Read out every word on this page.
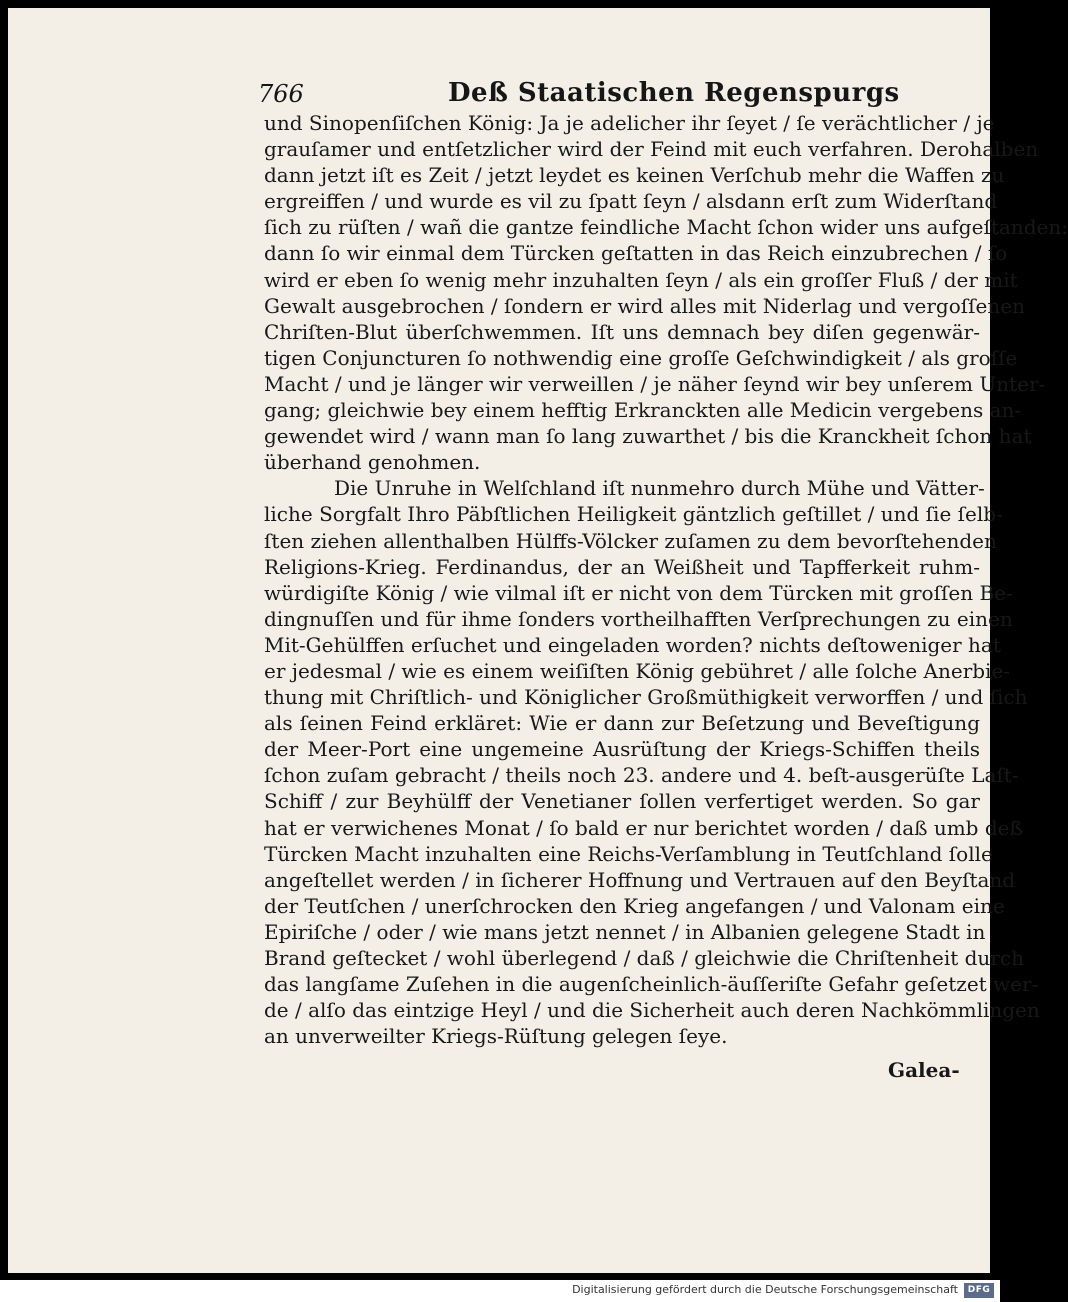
766	Deß Staatischen Regenspurgs
und Sinopenſiſchen König: Ja je adelicher ihr ſeyet / ſe verächtlicher / je
grauſamer und entſetzlicher wird der Feind mit euch verfahren. Derohalben
dann jetzt iſt es Zeit / jetzt leydet es keinen Verſchub mehr die Waffen zu
ergreiffen / und wurde es vil zu ſpatt ſeyn / alsdann erſt zum Widerſtand
ſich zu rüſten / wañ die gantze feindliche Macht ſchon wider uns aufgeſtanden:
dann ſo wir einmal dem Türcken geſtatten in das Reich einzubrechen / ſo
wird er eben ſo wenig mehr inzuhalten ſeyn / als ein groſſer Fluß / der mit
Gewalt ausgebrochen / ſondern er wird alles mit Niderlag und vergoſſenen
Chriſten-Blut überſchwemmen. Iſt uns demnach bey diſen gegenwär-
tigen Conjuncturen ſo nothwendig eine groſſe Geſchwindigkeit / als groſſe
Macht / und je länger wir verweillen / je näher ſeynd wir bey unſerem Unter-
gang; gleichwie bey einem hefftig Erkranckten alle Medicin vergebens an-
gewendet wird / wann man ſo lang zuwarthet / bis die Kranckheit ſchon hat
überhand genohmen.
Die Unruhe in Welſchland iſt nunmehro durch Mühe und Vätter-
liche Sorgfalt Ihro Päbſtlichen Heiligkeit gäntzlich geſtillet / und ſie ſelb-
ſten ziehen allenthalben Hülffs-Völcker zuſamen zu dem bevorſtehenden
Religions-Krieg. Ferdinandus, der an Weißheit und Tapfferkeit ruhm-
würdigiſte König / wie vilmal iſt er nicht von dem Türcken mit groſſen Be-
dingnuſſen und für ihme ſonders vortheilhafften Verſprechungen zu einen
Mit-Gehülffen erſuchet und eingeladen worden? nichts deſtoweniger hat
er jedesmal / wie es einem weiſiſten König gebühret / alle ſolche Anerbie-
thung mit Chriſtlich- und Königlicher Großmüthigkeit verworffen / und ſich
als ſeinen Feind erkläret: Wie er dann zur Beſetzung und Beveſtigung
der Meer-Port eine ungemeine Ausrüſtung der Kriegs-Schiffen theils
ſchon zuſam gebracht / theils noch 23. andere und 4. beſt-ausgerüſte Laſt-
Schiff / zur Beyhülff der Venetianer ſollen verfertiget werden. So gar
hat er verwichenes Monat / ſo bald er nur berichtet worden / daß umb deß
Türcken Macht inzuhalten eine Reichs-Verſamblung in Teutſchland ſolle
angeſtellet werden / in ſicherer Hoffnung und Vertrauen auf den Beyſtand
der Teutſchen / unerſchrocken den Krieg angefangen / und Valonam eine
Epiriſche / oder / wie mans jetzt nennet / in Albanien gelegene Stadt in
Brand geſtecket / wohl überlegend / daß / gleichwie die Chriſtenheit durch
das langſame Zuſehen in die augenſcheinlich-äuſſeriſte Gefahr geſetzet wer-
de / alſo das eintzige Heyl / und die Sicherheit auch deren Nachkömmlingen
an unverweilter Kriegs-Rüſtung gelegen ſeye.
Galea-
Digitalisierung gefördert durch die Deutsche Forschungsgemeinschaft	DFG
